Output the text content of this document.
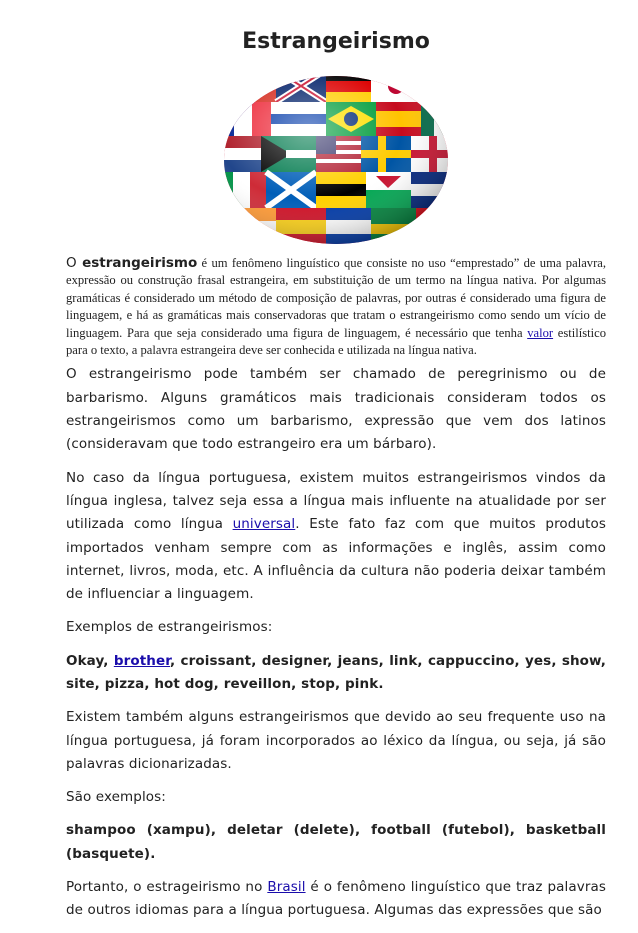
Estrangeirismo
O estrangeirismo é um fenômeno linguístico que consiste no uso “emprestado” de uma palavra, expressão ou construção frasal estrangeira, em substituição de um termo na língua nativa. Por algumas gramáticas é considerado um método de composição de palavras, por outras é considerado uma figura de linguagem, e há as gramáticas mais conservadoras que tratam o estrangeirismo como sendo um vício de linguagem. Para que seja considerado uma figura de linguagem, é necessário que tenha valor estilístico para o texto, a palavra estrangeira deve ser conhecida e utilizada na língua nativa.

O estrangeirismo pode também ser chamado de peregrinismo ou de barbarismo. Alguns gramáticos mais tradicionais consideram todos os estrangeirismos como um barbarismo, expressão que vem dos latinos (consideravam que todo estrangeiro era um bárbaro).

No caso da língua portuguesa, existem muitos estrangeirismos vindos da língua inglesa, talvez seja essa a língua mais influente na atualidade por ser utilizada como língua universal. Este fato faz com que muitos produtos importados venham sempre com as informações e inglês, assim como internet, livros, moda, etc. A influência da cultura não poderia deixar também de influenciar a linguagem.

Exemplos de estrangeirismos:

Okay, brother, croissant, designer, jeans, link, cappuccino, yes, show, site, pizza, hot dog, reveillon, stop, pink.

Existem também alguns estrangeirismos que devido ao seu frequente uso na língua portuguesa, já foram incorporados ao léxico da língua, ou seja, já são palavras dicionarizadas.

São exemplos:

shampoo (xampu), deletar (delete), football (futebol), basketball (basquete).

Portanto, o estragеirismo no Brasil é o fenômeno linguístico que traz palavras de outros idiomas para a língua portuguesa. Algumas das expressões que são
